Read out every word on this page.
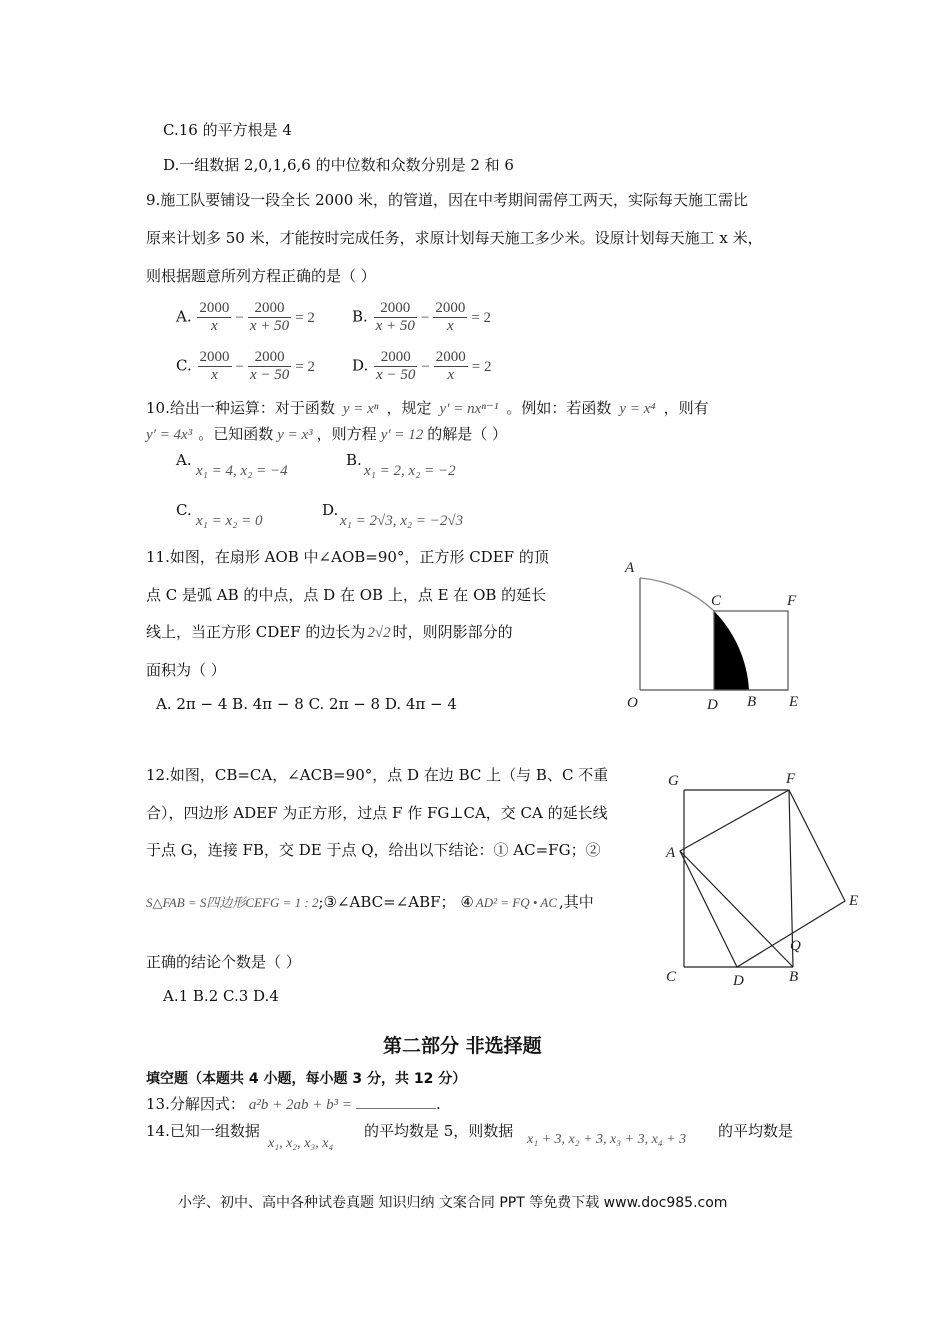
C.16 的平方根是 4
D.一组数据 2,0,1,6,6 的中位数和众数分别是 2 和 6
9.施工队要铺设一段全长 2000 米，的管道，因在中考期间需停工两天，实际每天施工需比
原来计划多 50 米，才能按时完成任务，求原计划每天施工多少米。设原计划每天施工 x 米，
则根据题意所列方程正确的是（ ）
A. $\frac{2000}{x} - \frac{2000}{x + 50} = 2$ B. $\frac{2000}{x + 50} - \frac{2000}{x} = 2$
C. $\frac{2000}{x} - \frac{2000}{x - 50} = 2$ D. $\frac{2000}{x - 50} - \frac{2000}{x} = 2$
10.给出一种运算：对于函数 y = xⁿ ，规定 y′ = nxⁿ⁻¹ 。例如：若函数 y = x⁴ ，则有
y′ = 4x³ 。已知函数 y = x³ ，则方程 y′ = 12 的解是（ ）
A.
x₁ = 4, x₂ = −4
B.
x₁ = 2, x₂ = −2
C.
x₁ = x₂ = 0
D.
x₁ = 2√3, x₂ = −2√3
11.如图，在扇形 AOB 中∠AOB=90°，正方形 CDEF 的顶
点 C 是弧 AB 的中点，点 D 在 OB 上，点 E 在 OB 的延长
线上，当正方形 CDEF 的边长为 2√2 时，则阴影部分的
面积为（ ）
A. 2π − 4 B. 4π − 8 C. 2π − 8 D. 4π − 4
A
C	F
O	D B E
12.如图，CB=CA，∠ACB=90°，点 D 在边 BC 上（与 B、C 不重
合），四边形 ADEF 为正方形，过点 F 作 FG⊥CA，交 CA 的延长线
于点 G，连接 FB，交 DE 于点 Q，给出以下结论：① AC=FG；②
S△FAB = S四边形CEFG = 1 : 2;③∠ABC=∠ABF； ④ AD² = FQ • AC ,其中
正确的结论个数是（ ）
A.1 B.2 C.3 D.4
G	F
A
E
Q
C	D	B
第二部分 非选择题
填空题（本题共 4 小题，每小题 3 分，共 12 分）
13.分解因式： a²b + 2ab + b³ =	.
14.已知一组数据
x₁, x₂, x₃, x₄
的平均数是 5，则数据 x₁ + 3, x₂ + 3, x₃ + 3, x₄ + 3 的平均数是
小学、初中、高中各种试卷真题 知识归纳 文案合同 PPT 等免费下载 www.doc985.com
